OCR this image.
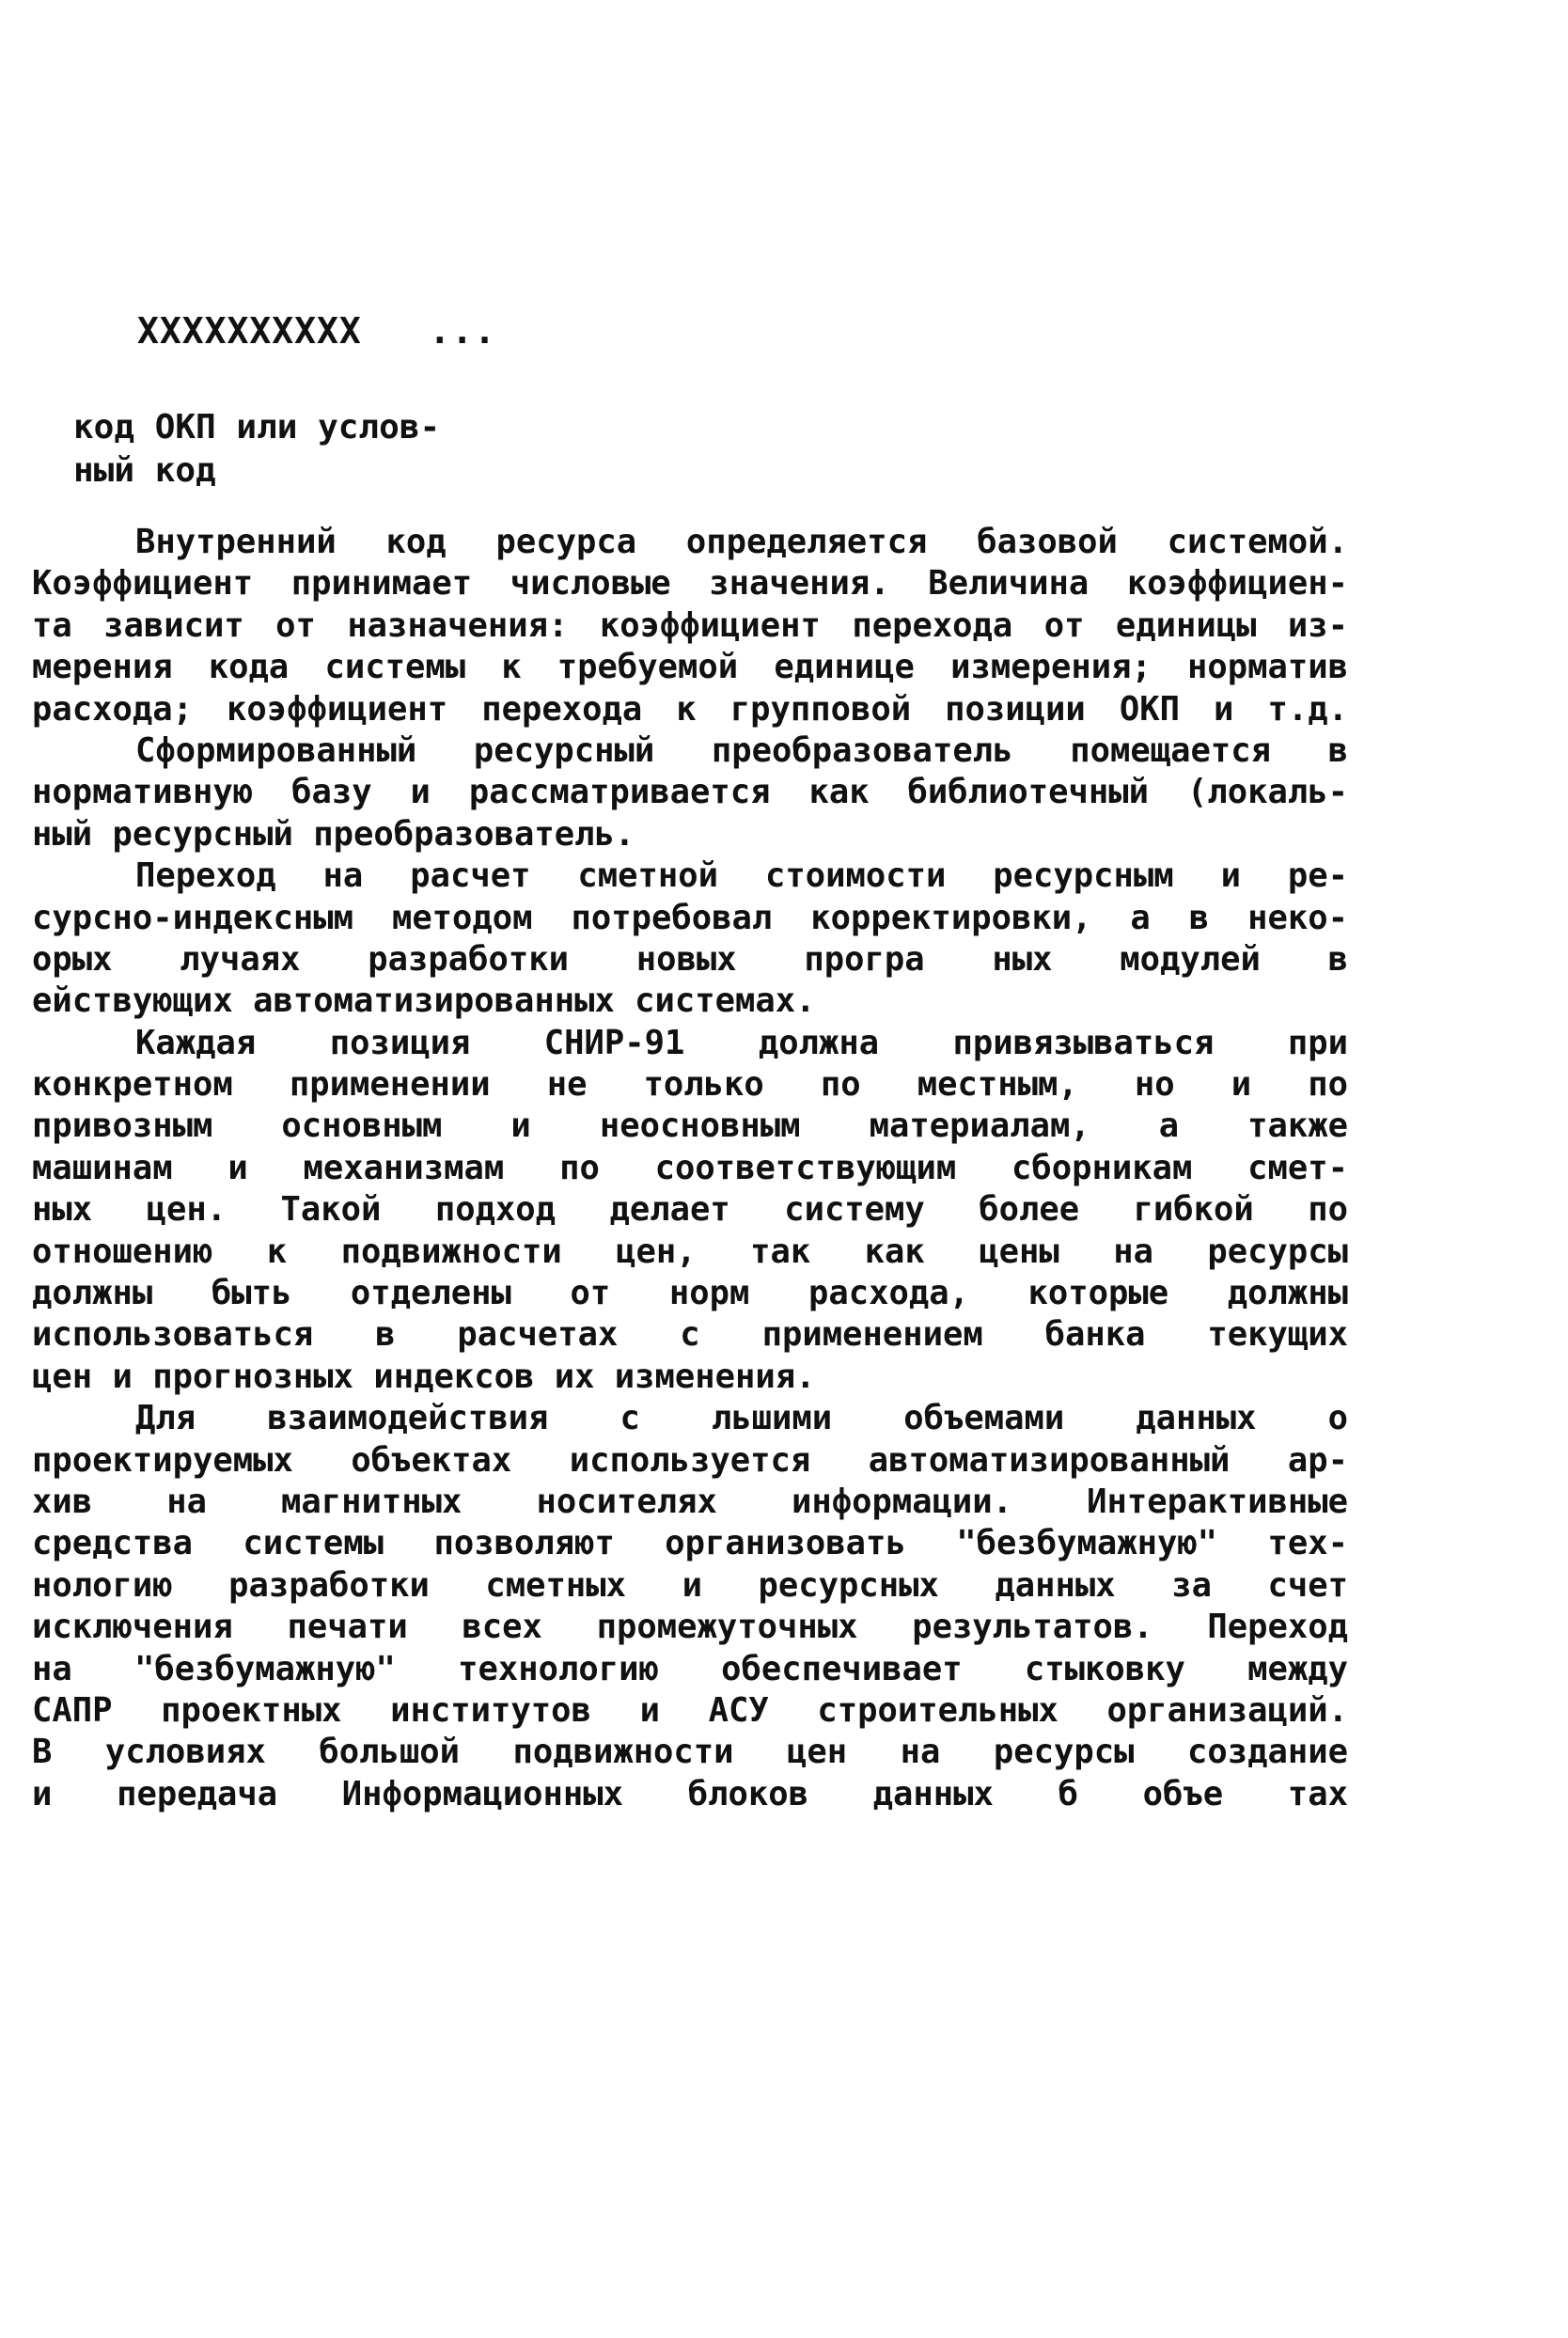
XXXXXXXXXX   ...
код ОКП или услов-
ный код
Внутренний код ресурса определяется базовой системой.
Коэффициент принимает числовые значения. Величина коэффициен-
та зависит от назначения: коэффициент перехода от единицы из-
мерения кода системы к требуемой единице измерения; норматив
расхода; коэффициент перехода к групповой позиции ОКП и т.д.
Сформированный ресурсный преобразователь помещается в
нормативную базу и рассматривается как библиотечный (локаль-
ный ресурсный преобразователь.
Переход на расчет сметной стоимости ресурсным и ре-
сурсно-индексным методом потребовал корректировки, а в неко-
орых лучаях разработки новых програ ных модулей в
ействующих автоматизированных системах.
Каждая позиция СНИР-91 должна привязываться при
конкретном применении не только по местным, но и по
привозным основным и неосновным материалам, а также
машинам и механизмам по соответствующим сборникам смет-
ных цен. Такой подход делает систему более гибкой по
отношению к подвижности цен, так как цены на ресурсы
должны быть отделены от норм расхода, которые должны
использоваться в расчетах с применением банка текущих
цен и прогнозных индексов их изменения.
Для взаимодействия с льшими объемами данных о
проектируемых объектах используется автоматизированный ар-
хив на магнитных носителях информации. Интерактивные
средства системы позволяют организовать "безбумажную" тех-
нологию разработки сметных и ресурсных данных за счет
исключения печати всех промежуточных результатов. Переход
на "безбумажную" технологию обеспечивает стыковку между
САПР проектных институтов и АСУ строительных организаций.
В условиях большой подвижности цен на ресурсы создание
и передача Информационных блоков данных б объе тах
